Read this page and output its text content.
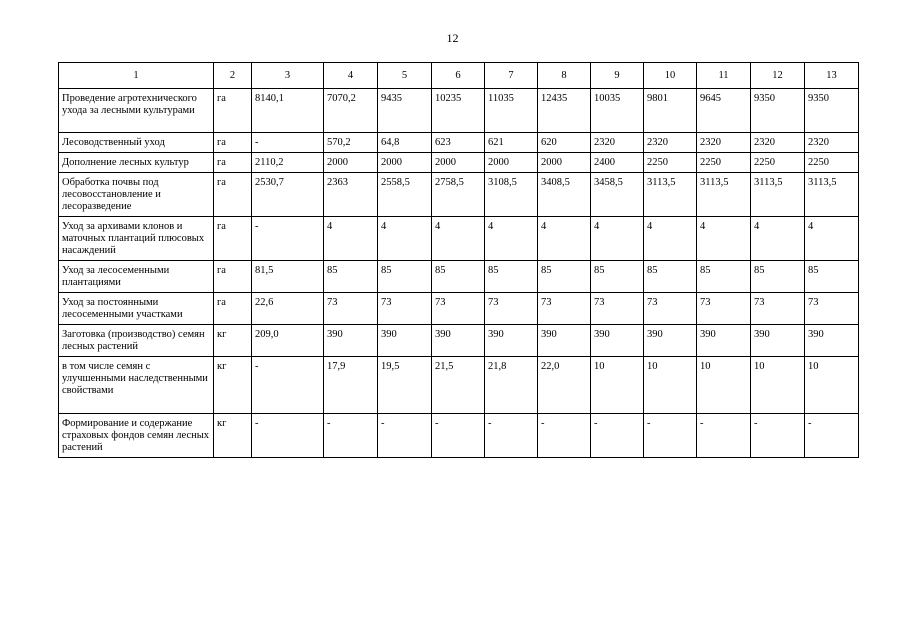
12
1	2	3	4	5	6	7	8	9	10	11	12	13
Проведение агротехнического ухода за лесными культурами	га	8140,1	7070,2	9435	10235	11035	12435	10035	9801	9645	9350	9350
Лесоводственный уход	га	-	570,2	64,8	623	621	620	2320	2320	2320	2320	2320
Дополнение лесных культур	га	2110,2	2000	2000	2000	2000	2000	2400	2250	2250	2250	2250
Обработка почвы под лесовосстановление и лесоразведение	га	2530,7	2363	2558,5	2758,5	3108,5	3408,5	3458,5	3113,5	3113,5	3113,5	3113,5
Уход за архивами клонов и маточных плантаций плюсовых насаждений	га	-	4	4	4	4	4	4	4	4	4	4
Уход за лесосеменными плантациями	га	81,5	85	85	85	85	85	85	85	85	85	85
Уход за постоянными лесосеменными участками	га	22,6	73	73	73	73	73	73	73	73	73	73
Заготовка (производство) семян лесных растений	кг	209,0	390	390	390	390	390	390	390	390	390	390
в том числе семян с улучшенными наследственными свойствами	кг	-	17,9	19,5	21,5	21,8	22,0	10	10	10	10	10
Формирование и содержание страховых фондов семян лесных растений	кг	-	-	-	-	-	-	-	-	-	-	-
